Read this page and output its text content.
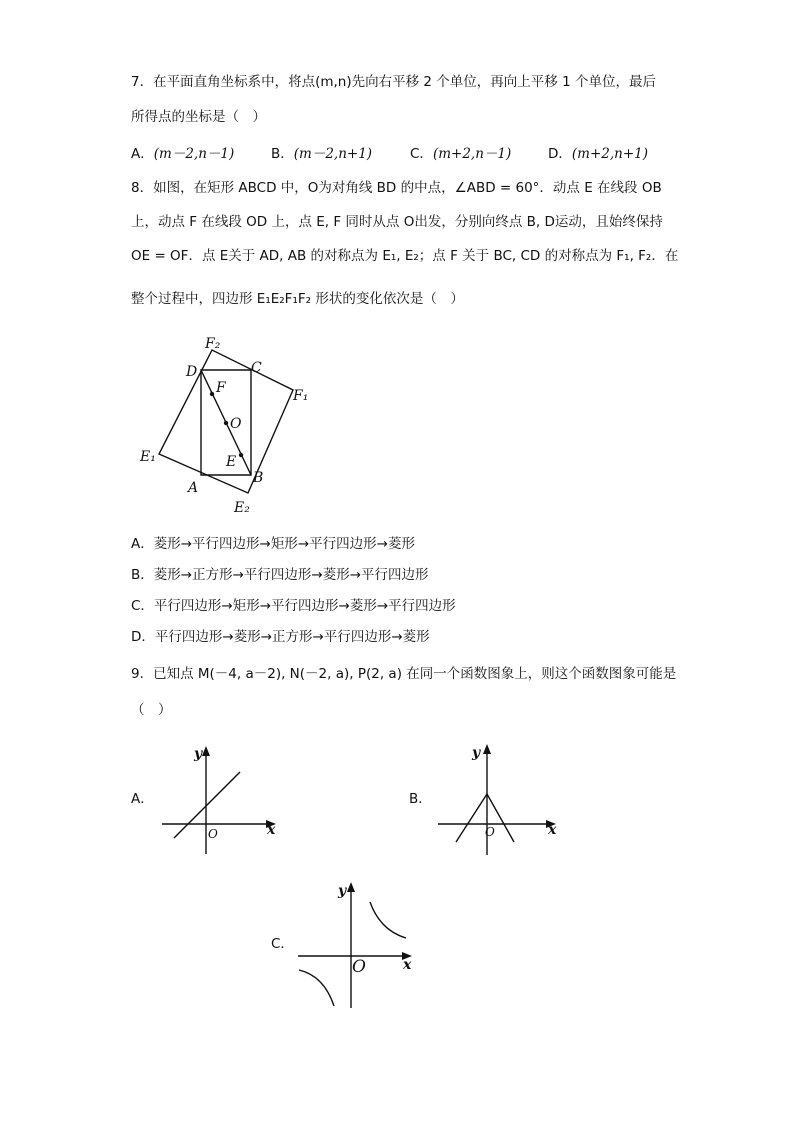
7．在平面直角坐标系中，将点(m,n)先向右平移 2 个单位，再向上平移 1 个单位，最后
所得点的坐标是（　）
A．(m－2,n－1)	B．(m－2,n+1)	C．(m+2,n－1)	D．(m+2,n+1)
8．如图，在矩形 ABCD 中，O为对角线 BD 的中点，∠ABD = 60°．动点 E 在线段 OB
上，动点 F 在线段 OD 上，点 E, F 同时从点 O出发，分别向终点 B, D运动，且始终保持
OE = OF．点 E关于 AD, AB 的对称点为 E₁, E₂；点 F 关于 BC, CD 的对称点为 F₁, F₂．在
整个过程中，四边形 E₁E₂F₁F₂ 形状的变化依次是（　）
F₂
C
D
F	F₁
O
E₁	E
B
A
E₂
A．菱形→平行四边形→矩形→平行四边形→菱形
B．菱形→正方形→平行四边形→菱形→平行四边形
C．平行四边形→矩形→平行四边形→菱形→平行四边形
D．平行四边形→菱形→正方形→平行四边形→菱形
9．已知点 M(－4, a－2), N(－2, a), P(2, a) 在同一个函数图象上，则这个函数图象可能是
（　）
A．
x
y
O
B．
x
y
O
C．
x
y
O
